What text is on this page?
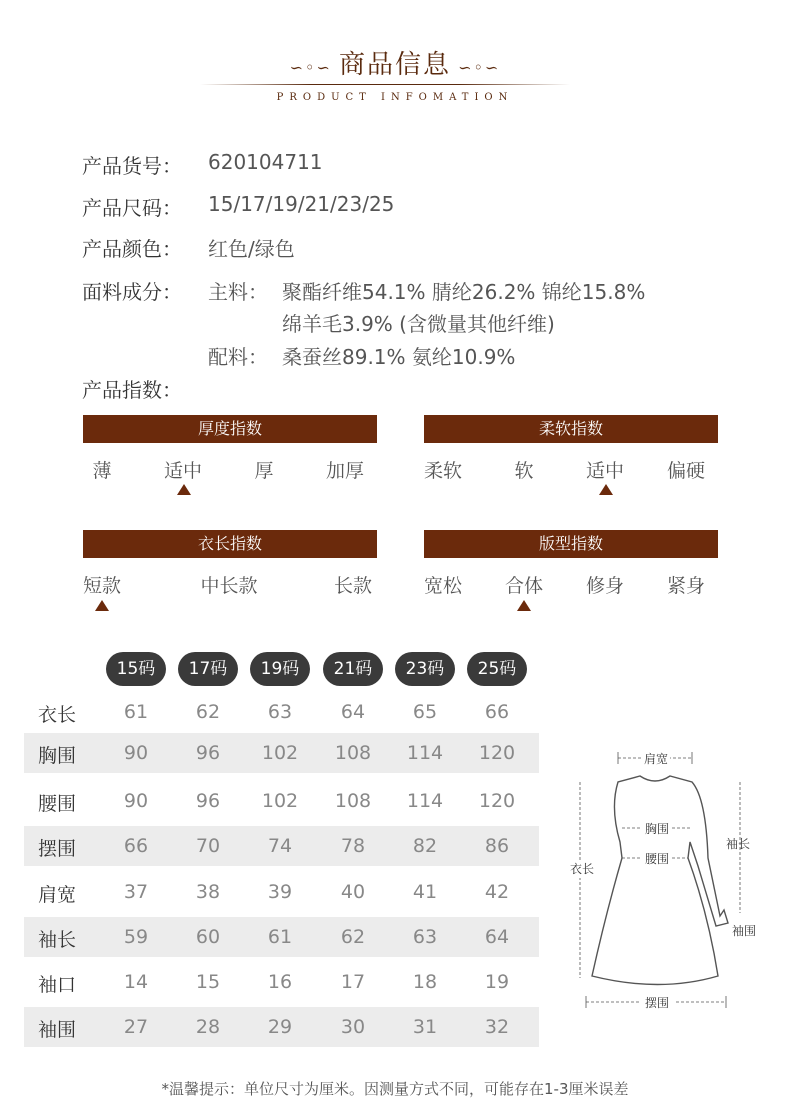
∽◦∽ 商品信息 ∽◦∽
PRODUCT INFOMATION
产品货号： 620104711
产品尺码： 15/17/19/21/23/25
产品颜色： 红色/绿色
面料成分： 主料： 聚酯纤维54.1% 腈纶26.2% 锦纶15.8%
绵羊毛3.9% (含微量其他纤维)
配料： 桑蚕丝89.1% 氨纶10.9%
产品指数：
厚度指数
薄	适中	厚	加厚
柔软指数
柔软	软	适中	偏硬
衣长指数
短款	中长款	长款
版型指数
宽松	合体	修身	紧身
15码	17码	19码	21码	23码	25码
衣长	61	62	63	64	65	66
胸围	90	96	102	108	114	120
腰围	90	96	102	108	114	120
摆围	66	70	74	78	82	86
肩宽	37	38	39	40	41	42
袖长	59	60	61	62	63	64
袖口	14	15	16	17	18	19
袖围	27	28	29	30	31	32
肩宽
胸围
腰围
袖长
衣长
袖围
摆围
*温馨提示：单位尺寸为厘米。因测量方式不同，可能存在1-3厘米误差
